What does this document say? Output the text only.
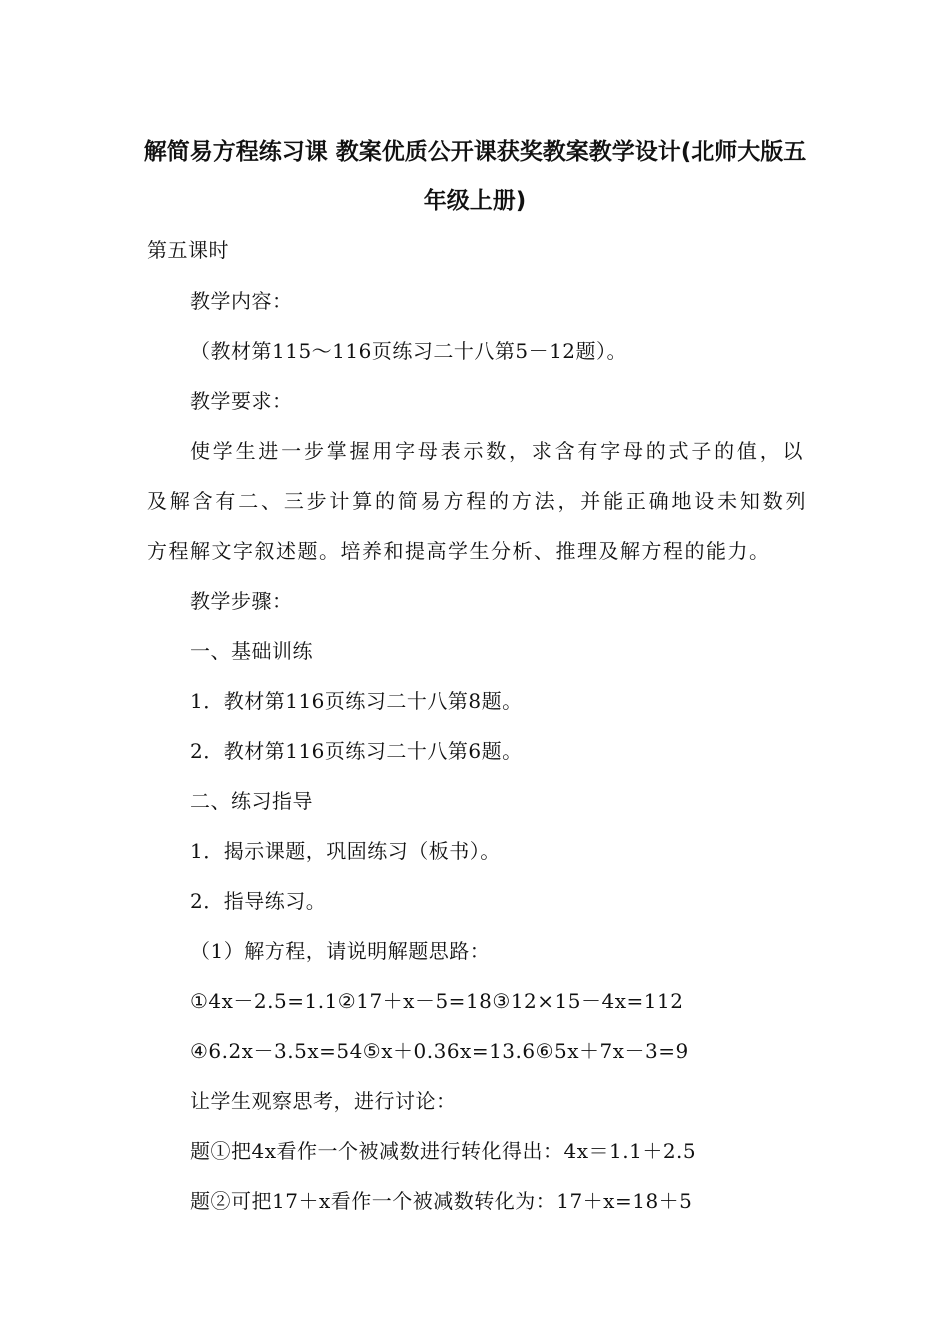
解简易方程练习课 教案优质公开课获奖教案教学设计(北师大版五
年级上册)
第五课时
教学内容：
（教材第115～116页练习二十八第5－12题）。
教学要求：
使学生进一步掌握用字母表示数，求含有字母的式子的值，以
及解含有二、三步计算的简易方程的方法，并能正确地设未知数列
方程解文字叙述题。培养和提高学生分析、推理及解方程的能力。
教学步骤：
一、基础训练
1．教材第116页练习二十八第8题。
2．教材第116页练习二十八第6题。
二、练习指导
1．揭示课题，巩固练习（板书）。
2．指导练习。
（1）解方程，请说明解题思路：
①4x－2.5=1.1②17＋x－5=18③12×15－4x=112
④6.2x－3.5x=54⑤x＋0.36x=13.6⑥5x＋7x－3=9
让学生观察思考，进行讨论：
题①把4x看作一个被减数进行转化得出：4x＝1.1＋2.5
题②可把17＋x看作一个被减数转化为：17＋x=18＋5
